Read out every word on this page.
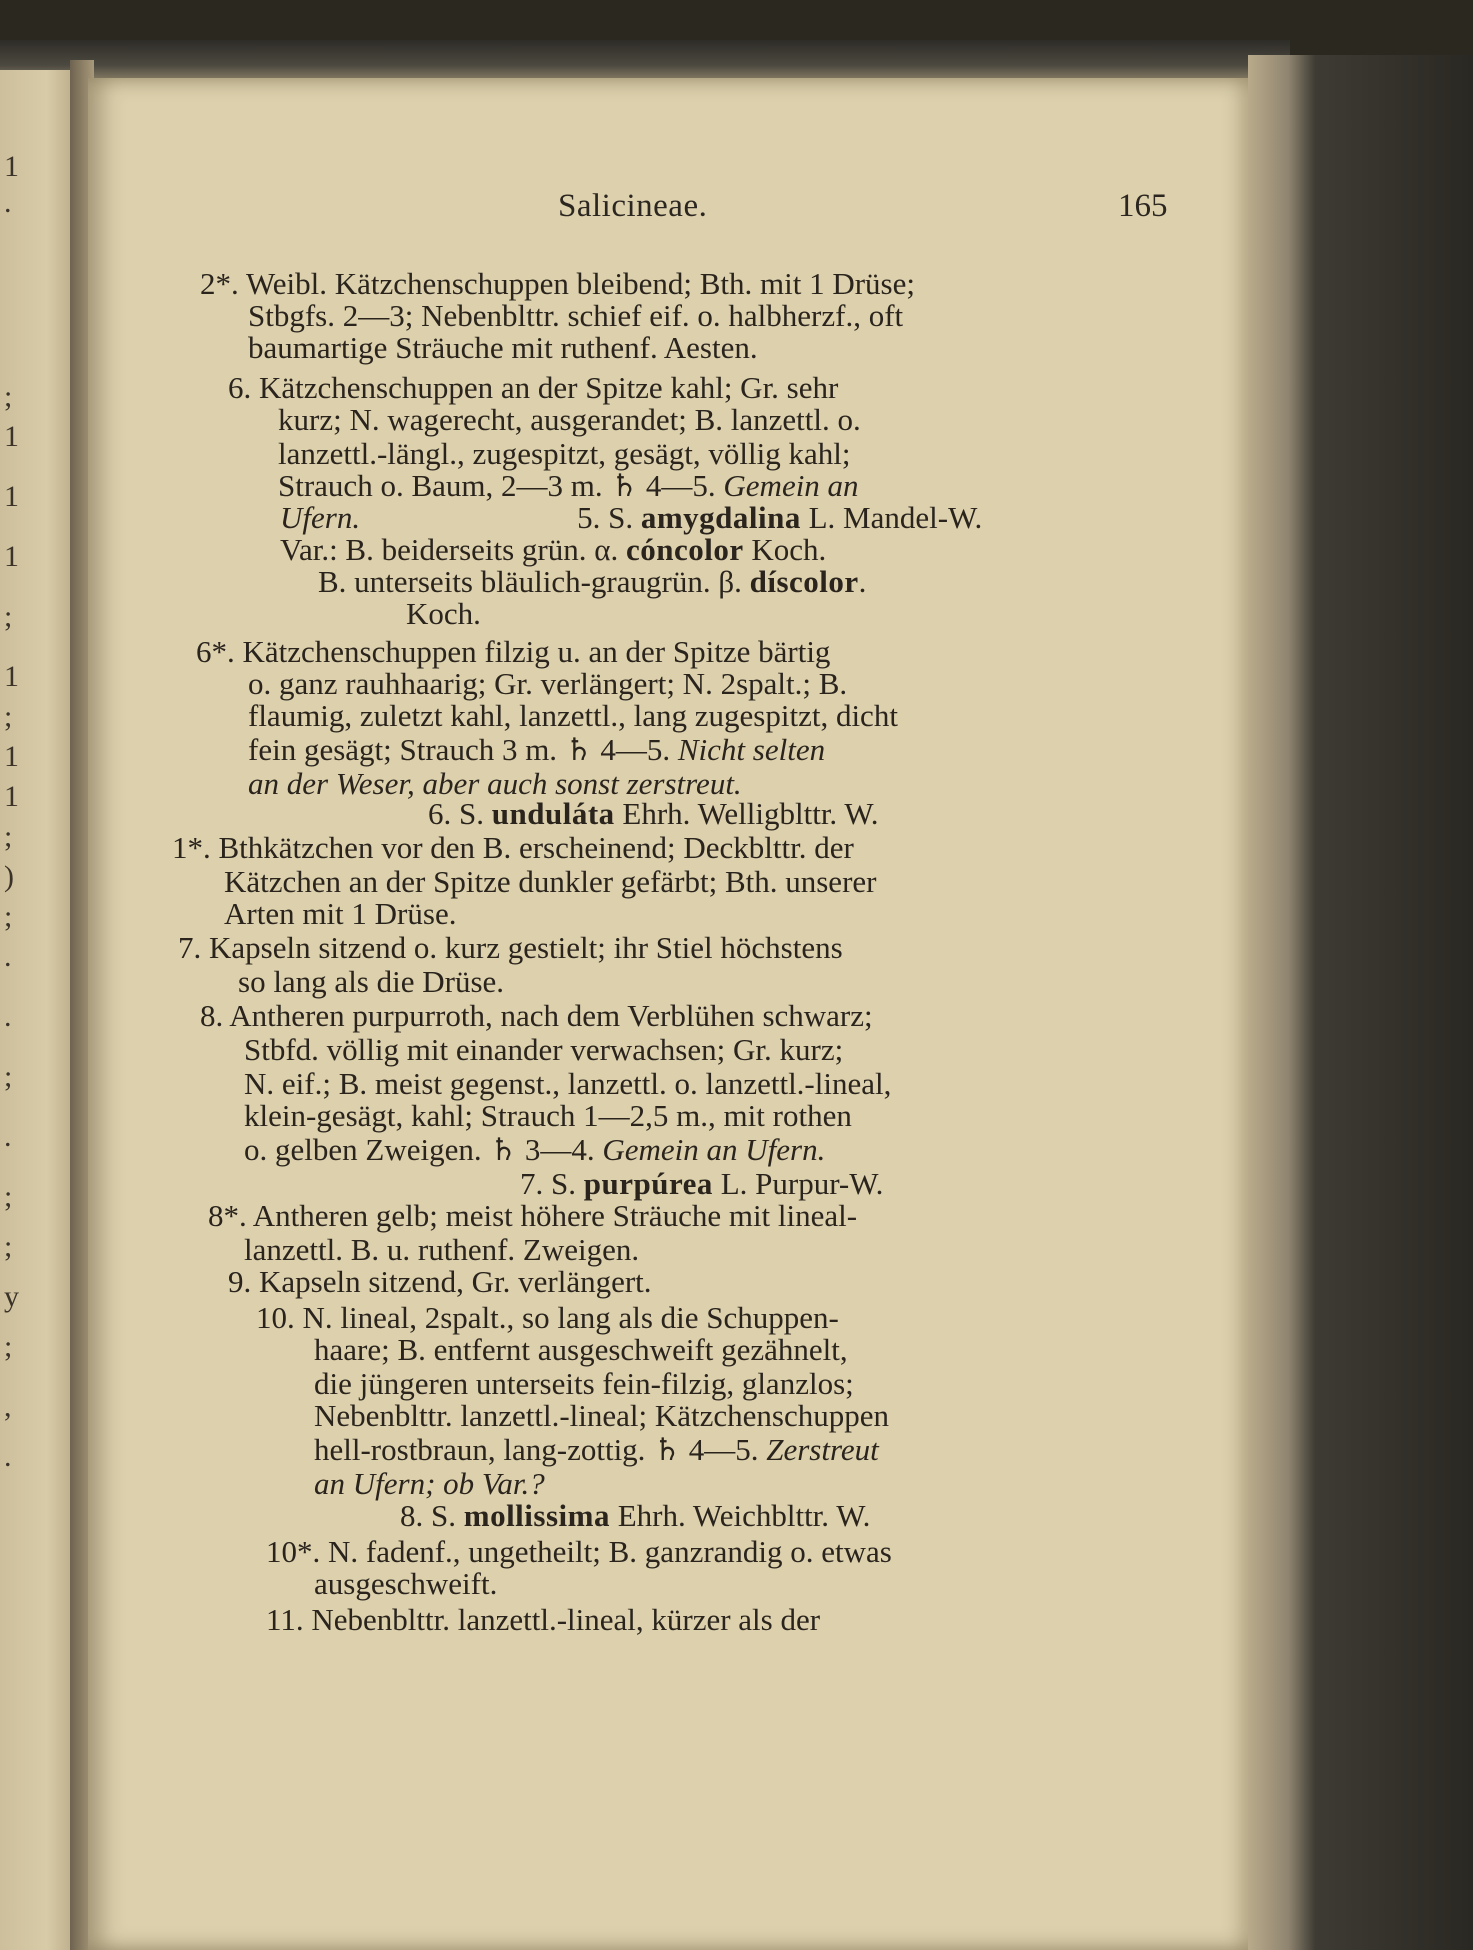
1
.
;
1
1
1
;
1
;
1
1
;
)
;
.
.
;
.
;
;
y
;
,
.
Salicineae.	165
2*. Weibl. Kätzchenschuppen bleibend; Bth. mit 1 Drüse;
Stbgfs. 2—3; Nebenblttr. schief eif. o. halbherzf., oft
baumartige Sträuche mit ruthenf. Aesten.
6. Kätzchenschuppen an der Spitze kahl; Gr. sehr
kurz; N. wagerecht, ausgerandet; B. lanzettl. o.
lanzettl.-längl., zugespitzt, gesägt, völlig kahl;
Strauch o. Baum, 2—3 m. ♄ 4—5. Gemein an
Ufern.       5. S. amygdalina L. Mandel-W.
Var.: B. beiderseits grün. α. cóncolor Koch.
B. unterseits bläulich-graugrün. β. díscolor.
Koch.
6*. Kätzchenschuppen filzig u. an der Spitze bärtig
o. ganz rauhhaarig; Gr. verlängert; N. 2spalt.; B.
flaumig, zuletzt kahl, lanzettl., lang zugespitzt, dicht
fein gesägt; Strauch 3 m. ♄ 4—5. Nicht selten
an der Weser, aber auch sonst zerstreut.
6. S. unduláta Ehrh. Welligblttr. W.
1*. Bthkätzchen vor den B. erscheinend; Deckblttr. der
Kätzchen an der Spitze dunkler gefärbt; Bth. unserer
Arten mit 1 Drüse.
7. Kapseln sitzend o. kurz gestielt; ihr Stiel höchstens
so lang als die Drüse.
8. Antheren purpurroth, nach dem Verblühen schwarz;
Stbfd. völlig mit einander verwachsen; Gr. kurz;
N. eif.; B. meist gegenst., lanzettl. o. lanzettl.-lineal,
klein-gesägt, kahl; Strauch 1—2,5 m., mit rothen
o. gelben Zweigen. ♄ 3—4. Gemein an Ufern.
7. S. purpúrea L. Purpur-W.
8*. Antheren gelb; meist höhere Sträuche mit lineal-
lanzettl. B. u. ruthenf. Zweigen.
9. Kapseln sitzend, Gr. verlängert.
10. N. lineal, 2spalt., so lang als die Schuppen-
haare; B. entfernt ausgeschweift gezähnelt,
die jüngeren unterseits fein-filzig, glanzlos;
Nebenblttr. lanzettl.-lineal; Kätzchenschuppen
hell-rostbraun, lang-zottig. ♄ 4—5. Zerstreut
an Ufern; ob Var.?
8. S. mollissima Ehrh. Weichblttr. W.
10*. N. fadenf., ungetheilt; B. ganzrandig o. etwas
ausgeschweift.
11. Nebenblttr. lanzettl.-lineal, kürzer als der
